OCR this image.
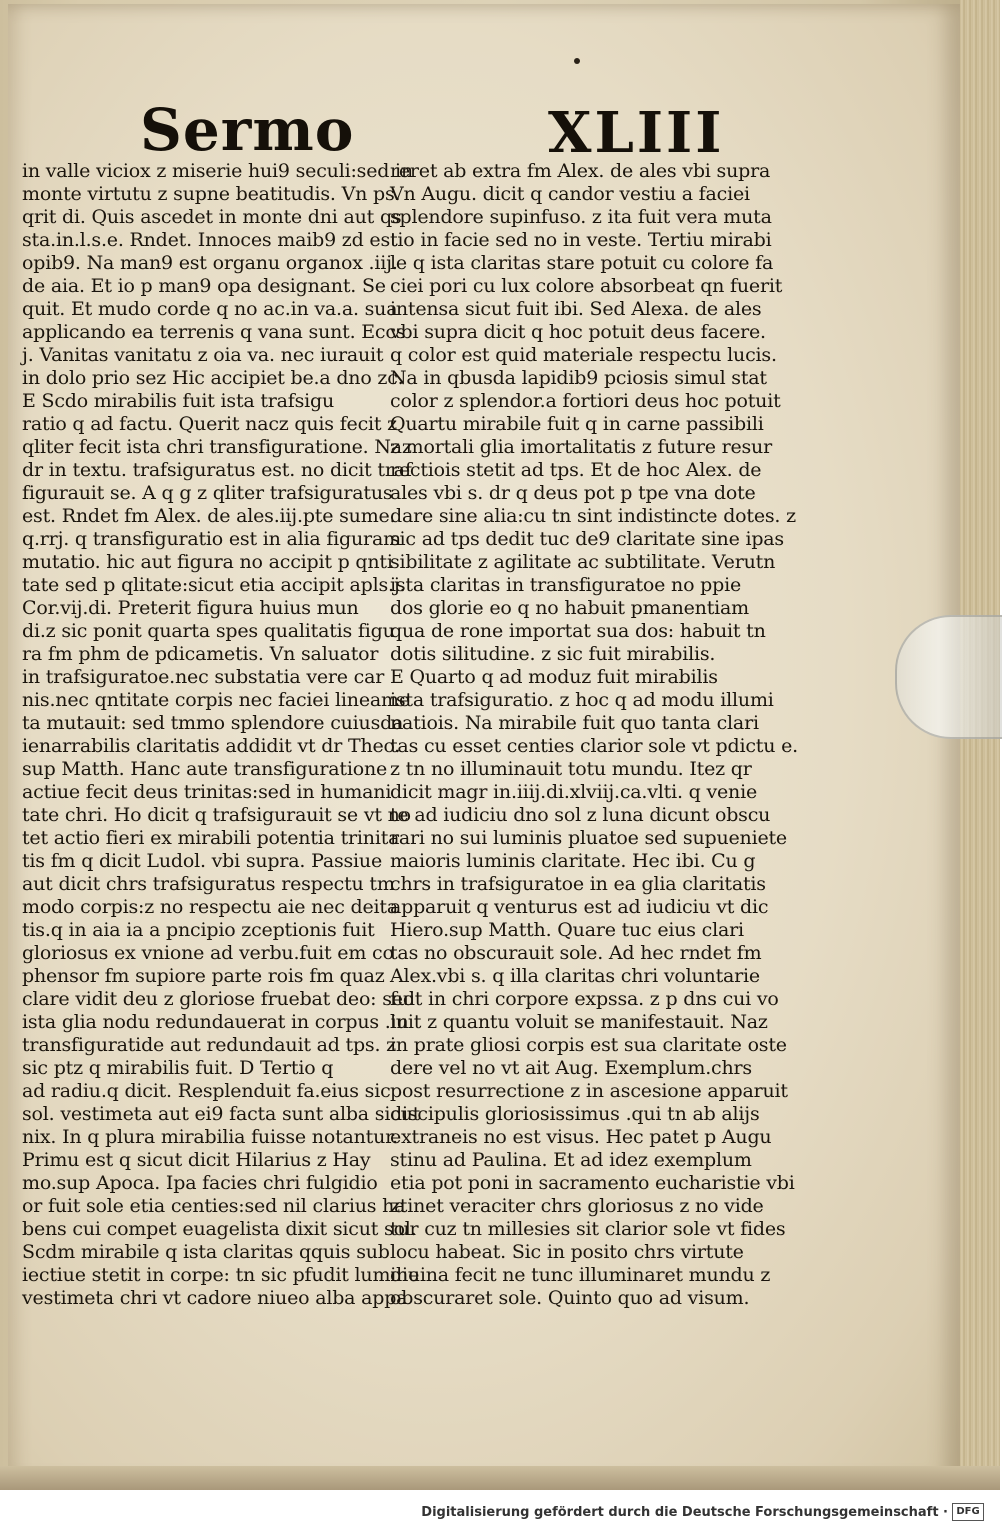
Sermo	XLIII
in valle viciox z miserie hui9 seculi:sed in
monte virtutu z supne beatitudis. Vn ps.
qrit di. Quis ascedet in monte dni aut qs
sta.in.l.s.e. Rndet. Innoces maib9 zd est
opib9. Na man9 est organu organox .iij.
de aia. Et io p man9 opa designant. Se
quit. Et mudo corde q no ac.in va.a. sua
applicando ea terrenis q vana sunt. Eccs
j. Vanitas vanitatu z oia va. nec iurauit
in dolo prio sez Hic accipiet be.a dno zc.
E Scdo mirabilis fuit ista trafsigu
ratio q ad factu. Querit nacz quis fecit z
qliter fecit ista chri transfiguratione. Naz
dr in textu. trafsiguratus est. no dicit traf
figurauit se. A q g z qliter trafsiguratus
est. Rndet fm Alex. de ales.iij.pte sume.
q.rrj. q transfiguratio est in alia figuram
mutatio. hic aut figura no accipit p qnti
tate sed p qlitate:sicut etia accipit apls.j.
Cor.vij.di. Preterit figura huius mun
di.z sic ponit quarta spes qualitatis figu
ra fm phm de pdicametis. Vn saluator
in trafsiguratoe.nec substatia vere car
nis.nec qntitate corpis nec faciei lineame
ta mutauit: sed tmmo splendore cuiusda
ienarrabilis claritatis addidit vt dr Theo.
sup Matth. Hanc aute transfiguratione
actiue fecit deus trinitas:sed in humani
tate chri. Ho dicit q trafsigurauit se vt no
tet actio fieri ex mirabili potentia trinita
tis fm q dicit Ludol. vbi supra. Passiue
aut dicit chrs trafsiguratus respectu tm
modo corpis:z no respectu aie nec deita
tis.q in aia ia a pncipio zceptionis fuit
gloriosus ex vnione ad verbu.fuit em co
phensor fm supiore parte rois fm quaz
clare vidit deu z gloriose fruebat deo: sed
ista glia nodu redundauerat in corpus .in
transfiguratide aut redundauit ad tps. z
sic ptz q mirabilis fuit. D Tertio q
ad radiu.q dicit. Resplenduit fa.eius sic
sol. vestimeta aut ei9 facta sunt alba sicut
nix. In q plura mirabilia fuisse notantur.
Primu est q sicut dicit Hilarius z Hay
mo.sup Apoca. Ipa facies chri fulgidio
or fuit sole etia centies:sed nil clarius ha
bens cui compet euagelista dixit sicut sol.
Scdm mirabile q ista claritas qquis sub
iectiue stetit in corpe: tn sic pfudit lumine
vestimeta chri vt cadore niueo alba appa
reret ab extra fm Alex. de ales vbi supra
Vn Augu. dicit q candor vestiu a faciei
splendore supinfuso. z ita fuit vera muta
tio in facie sed no in veste. Tertiu mirabi
le q ista claritas stare potuit cu colore fa
ciei pori cu lux colore absorbeat qn fuerit
intensa sicut fuit ibi. Sed Alexa. de ales
vbi supra dicit q hoc potuit deus facere.
q color est quid materiale respectu lucis.
Na in qbusda lapidib9 pciosis simul stat
color z splendor.a fortiori deus hoc potuit
Quartu mirabile fuit q in carne passibili
z mortali glia imortalitatis z future resur
rectiois stetit ad tps. Et de hoc Alex. de
ales vbi s. dr q deus pot p tpe vna dote
dare sine alia:cu tn sint indistincte dotes. z
sic ad tps dedit tuc de9 claritate sine ipas
sibilitate z agilitate ac subtilitate. Verutn
ista claritas in transfiguratoe no ppie
dos glorie eo q no habuit pmanentiam
qua de rone importat sua dos: habuit tn
dotis silitudine. z sic fuit mirabilis.
E Quarto q ad moduz fuit mirabilis
ista trafsiguratio. z hoc q ad modu illumi
natiois. Na mirabile fuit quo tanta clari
tas cu esset centies clarior sole vt pdictu e.
z tn no illuminauit totu mundu. Itez qr
dicit magr in.iiij.di.xlviij.ca.vlti. q venie
te ad iudiciu dno sol z luna dicunt obscu
rari no sui luminis pluatoe sed supueniete
maioris luminis claritate. Hec ibi. Cu g
chrs in trafsiguratoe in ea glia claritatis
apparuit q venturus est ad iudiciu vt dic
Hiero.sup Matth. Quare tuc eius clari
tas no obscurauit sole. Ad hec rndet fm
Alex.vbi s. q illa claritas chri voluntarie
fuit in chri corpore expssa. z p dns cui vo
luit z quantu voluit se manifestauit. Naz
in prate gliosi corpis est sua claritate oste
dere vel no vt ait Aug. Exemplum.chrs
post resurrectione z in ascesione apparuit
discipulis gloriosissimus .qui tn ab alijs
extraneis no est visus. Hec patet p Augu
stinu ad Paulina. Et ad idez exemplum
etia pot poni in sacramento eucharistie vbi
ztinet veraciter chrs gloriosus z no vide
tur cuz tn millesies sit clarior sole vt fides
locu habeat. Sic in posito chrs virtute
diuina fecit ne tunc illuminaret mundu z
obscuraret sole. Quinto quo ad visum.
Digitalisierung gefördert durch die Deutsche Forschungsgemeinschaft · DFG
